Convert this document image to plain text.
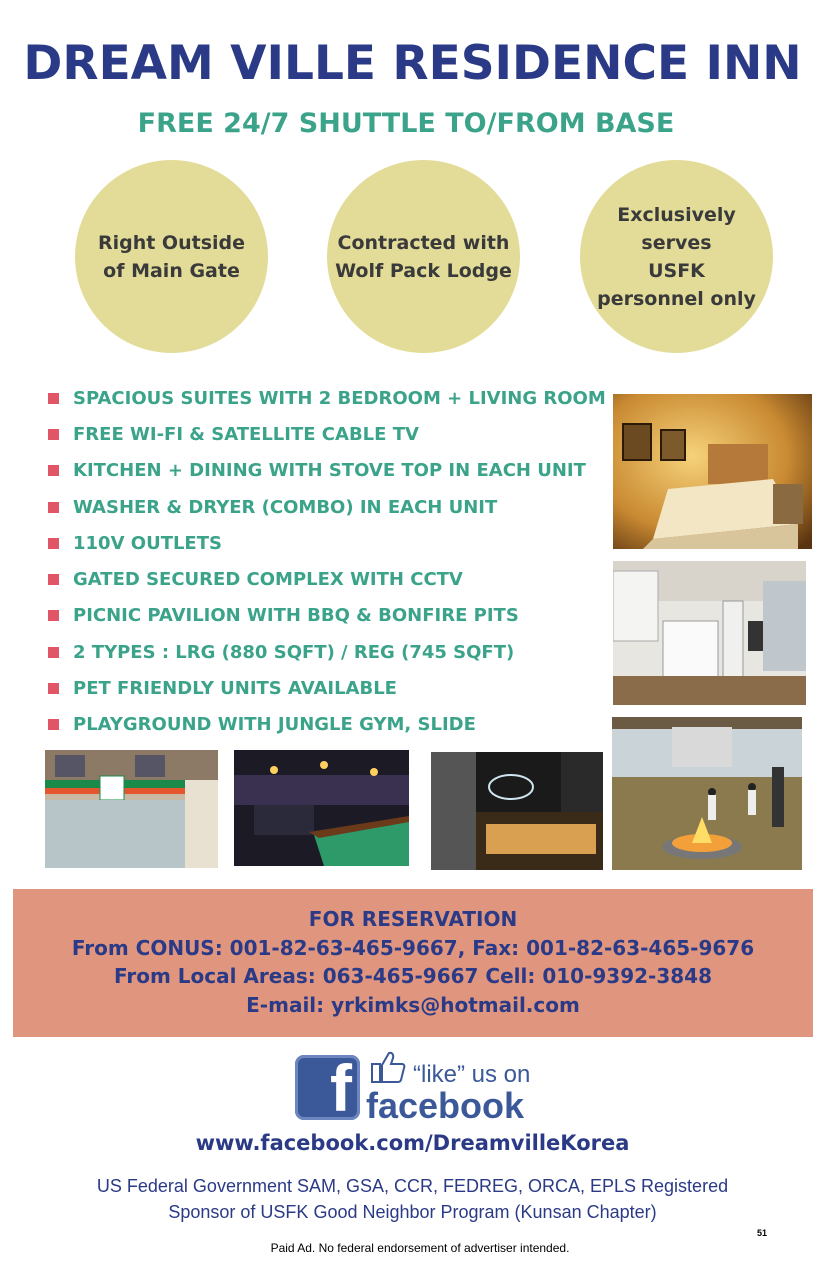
DREAM VILLE RESIDENCE INN
FREE 24/7 SHUTTLE TO/FROM BASE
Right Outside
of Main Gate
Contracted with
Wolf Pack Lodge
Exclusively serves
USFK
personnel only
SPACIOUS SUITES WITH 2 BEDROOM + LIVING ROOM
FREE WI-FI & SATELLITE CABLE TV
KITCHEN + DINING WITH STOVE TOP IN EACH UNIT
WASHER & DRYER (COMBO) IN EACH UNIT
110V OUTLETS
GATED SECURED COMPLEX WITH CCTV
PICNIC PAVILION WITH BBQ & BONFIRE PITS
2 TYPES : LRG (880 SQFT) / REG (745 SQFT)
PET FRIENDLY UNITS AVAILABLE
PLAYGROUND WITH JUNGLE GYM, SLIDE
FOR RESERVATION
From CONUS: 001-82-63-465-9667, Fax: 001-82-63-465-9676
From Local Areas: 063-465-9667 Cell: 010-9392-3848
E-mail: yrkimks@hotmail.com
f	“like” us on
facebook
www.facebook.com/DreamvilleKorea
US Federal Government SAM, GSA, CCR, FEDREG, ORCA, EPLS Registered
Sponsor of USFK Good Neighbor Program (Kunsan Chapter)
51
Paid Ad. No federal endorsement of advertiser intended.
